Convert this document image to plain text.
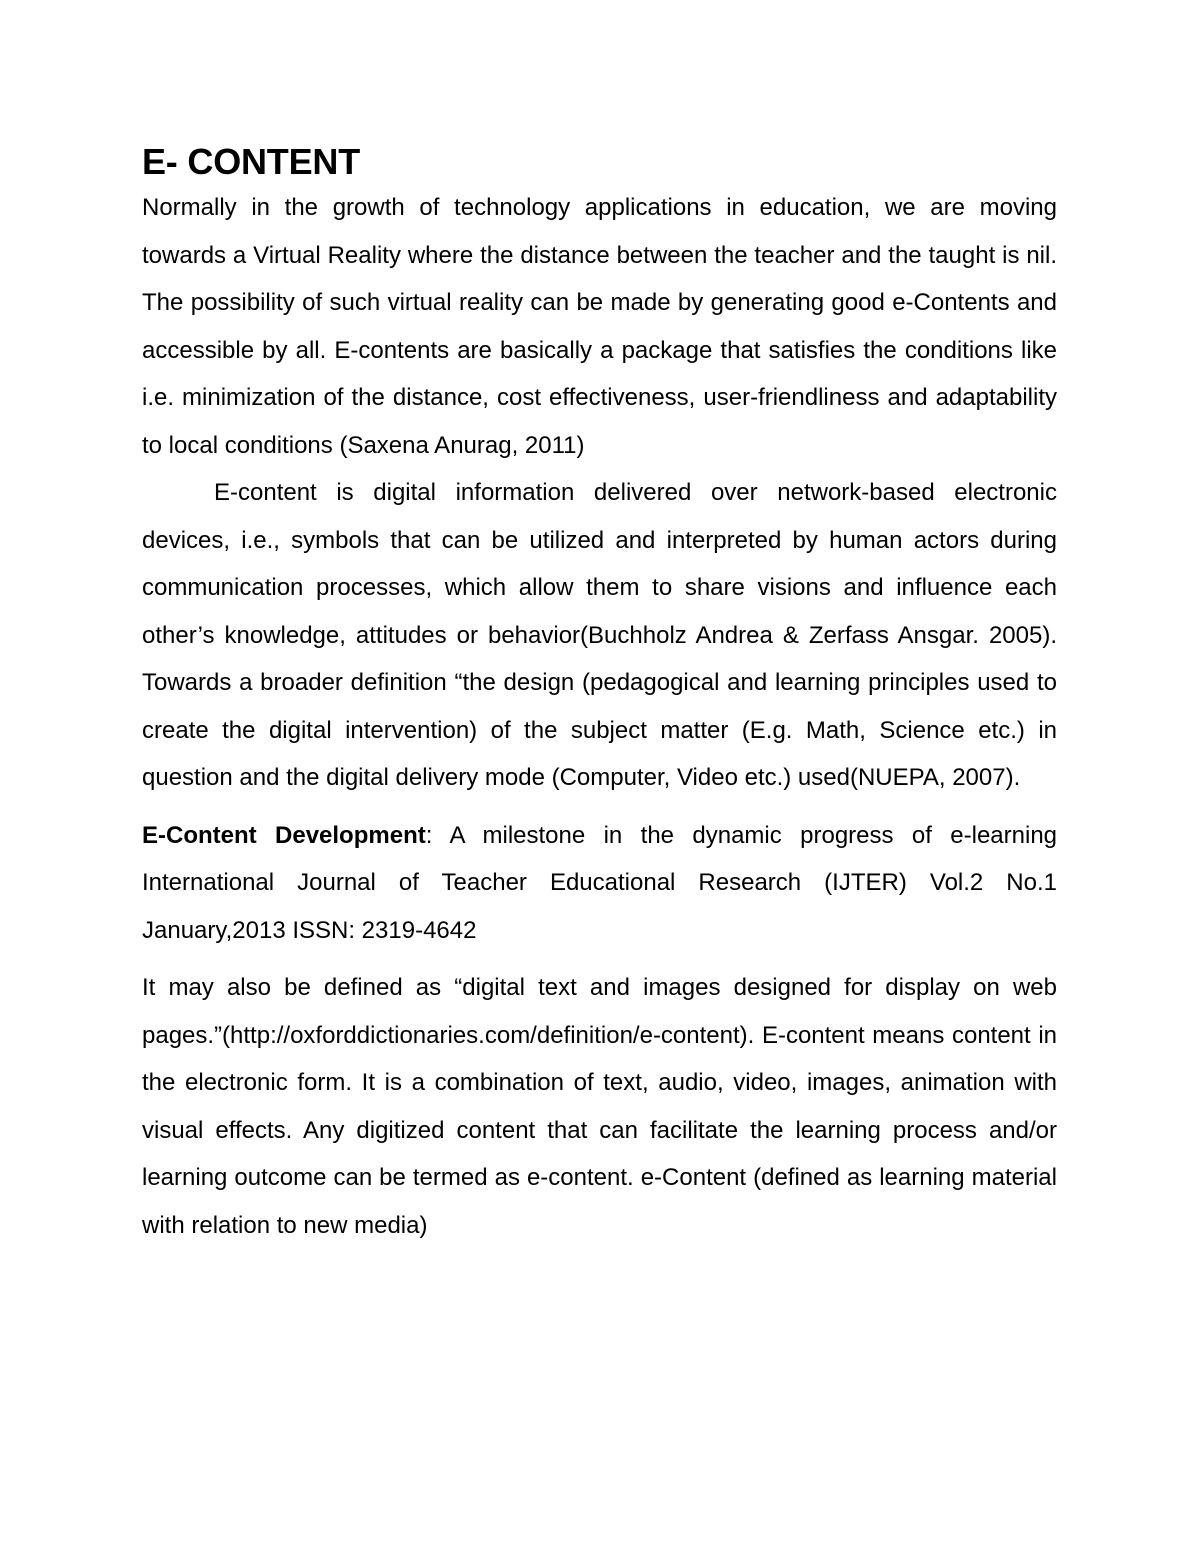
E- CONTENT

Normally in the growth of technology applications in education, we are moving towards a Virtual Reality where the distance between the teacher and the taught is nil. The possibility of such virtual reality can be made by generating good e-Contents and accessible by all. E-contents are basically a package that satisfies the conditions like i.e. minimization of the distance, cost effectiveness, user-friendliness and adaptability to local conditions (Saxena Anurag, 2011)

E-content is digital information delivered over network-based electronic devices, i.e., symbols that can be utilized and interpreted by human actors during communication processes, which allow them to share visions and influence each other’s knowledge, attitudes or behavior(Buchholz Andrea & Zerfass Ansgar. 2005). Towards a broader definition “the design (pedagogical and learning principles used to create the digital intervention) of the subject matter (E.g. Math, Science etc.) in question and the digital delivery mode (Computer, Video etc.) used(NUEPA, 2007).

E-Content Development: A milestone in the dynamic progress of e-learning International Journal of Teacher Educational Research (IJTER) Vol.2 No.1 January,2013 ISSN: 2319-4642

It may also be defined as “digital text and images designed for display on web pages.”(http://oxforddictionaries.com/definition/e-content). E-content means content in the electronic form. It is a combination of text, audio, video, images, animation with visual effects. Any digitized content that can facilitate the learning process and/or learning outcome can be termed as e-content. e-Content (defined as learning material with relation to new media)
